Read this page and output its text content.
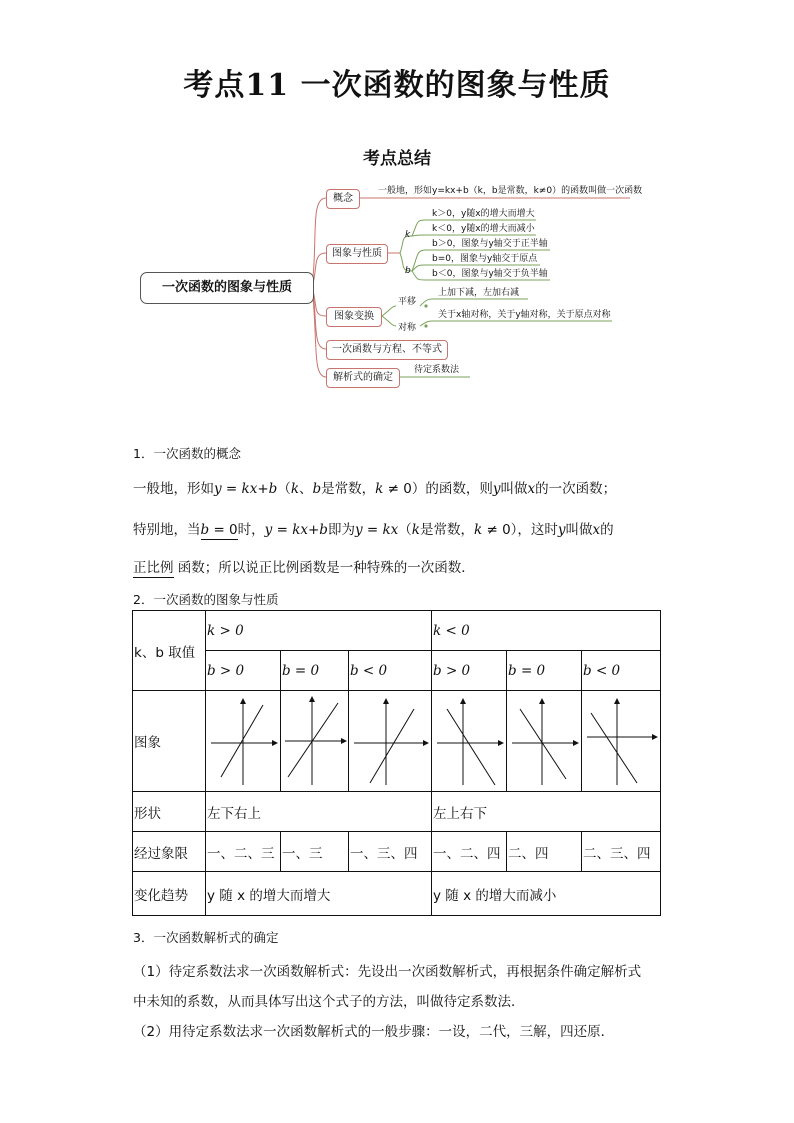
考点11 一次函数的图象与性质
考点总结
一次函数的图象与性质
概念
一般地，形如y=kx+b（k，b是常数，k≠0）的函数叫做一次函数
图象与性质
k
b
k＞0，y随x的增大而增大
k＜0，y随x的增大而减小
b＞0，图象与y轴交于正半轴
b=0，图象与y轴交于原点
b＜0，图象与y轴交于负半轴
图象变换
平移
对称
上加下减，左加右减
关于x轴对称，关于y轴对称，关于原点对称
一次函数与方程、不等式
解析式的确定
待定系数法
1．一次函数的概念
一般地，形如y = kx+b（k、b是常数，k ≠ 0）的函数，则y叫做x的一次函数；
特别地，当b = 0时，y = kx+b即为y = kx（k是常数，k ≠ 0），这时y叫做x的
正比例 函数；所以说正比例函数是一种特殊的一次函数．
2．一次函数的图象与性质
k、b 取值	k > 0			k < 0		
	b > 0	b = 0	b < 0	b > 0	b = 0	b < 0
图象	

形状	左下右上			左上右下		
经过象限	一、二、三	一、三	一、三、四	一、二、四	二、四	二、三、四
变化趋势	y 随 x 的增大而增大			y 随 x 的增大而减小		
3．一次函数解析式的确定
（1）待定系数法求一次函数解析式：先设出一次函数解析式，再根据条件确定解析式
中未知的系数，从而具体写出这个式子的方法，叫做待定系数法．
（2）用待定系数法求一次函数解析式的一般步骤：一设，二代，三解，四还原．
